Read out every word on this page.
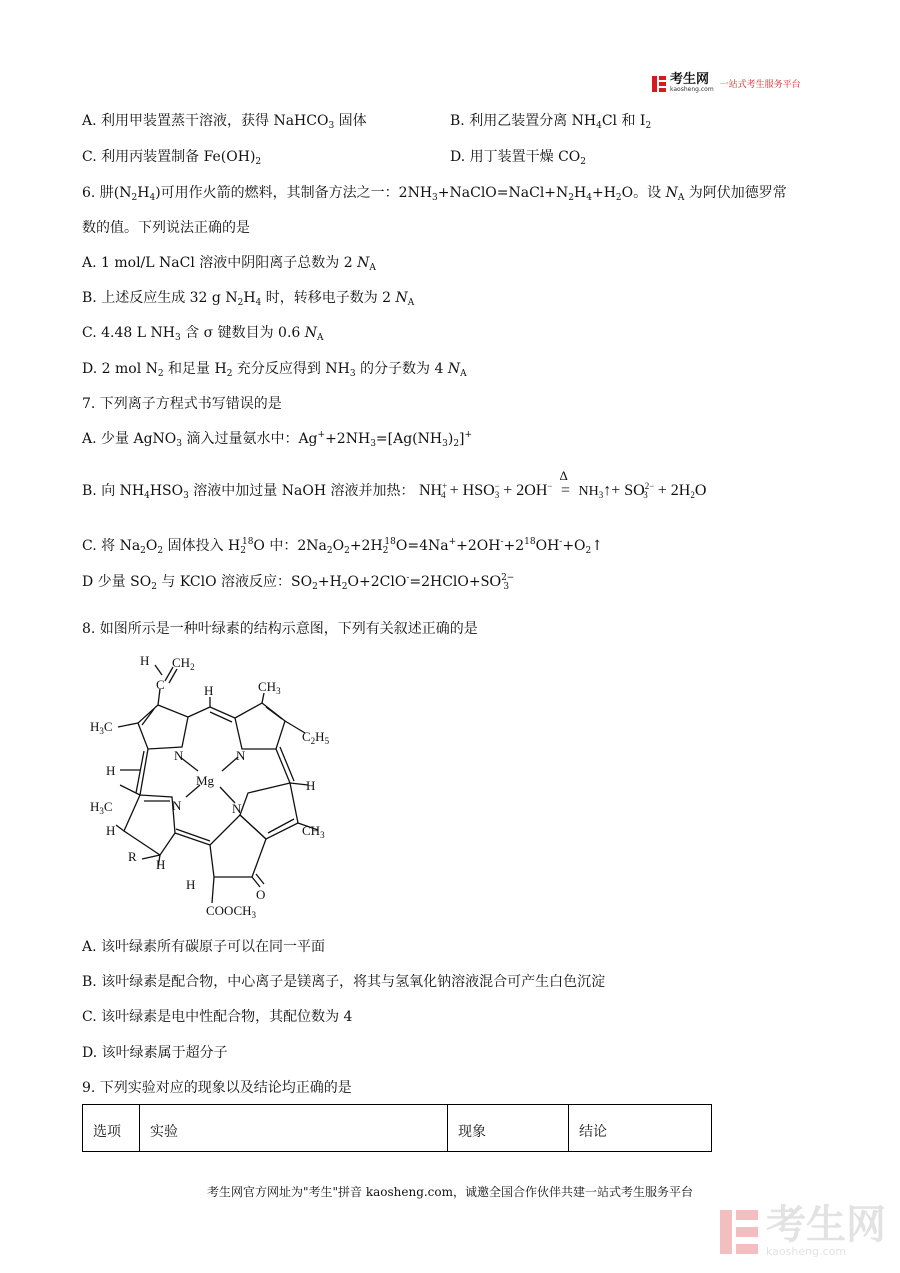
考生网
kaosheng.com 一站式考生服务平台
A. 利用甲装置蒸干溶液，获得 NaHCO$_3$ 固体	B. 利用乙装置分离 $NH_4Cl$ 和 $I_2$
C. 利用丙装置制备 $Fe(OH)_2$	D. 用丁装置干燥 $CO_2$
6. 肼$(N_2H_4)$可用作火箭的燃料，其制备方法之一：$2NH_3+NaClO=NaCl+N_2H_4+H_2O$。设 $N_A$ 为阿伏加德罗常
数的值。下列说法正确的是
A. 1 mol/L NaCl 溶液中阴阳离子总数为 2 $N_A$
B. 上述反应生成 32 g $N_2H_4$ 时，转移电子数为 2 $N_A$
C. 4.48 L $NH_3$ 含 σ 键数目为 0.6 $N_A$
D. 2 mol $N_2$ 和足量 $H_2$ 充分反应得到 $NH_3$ 的分子数为 4 $N_A$
7. 下列离子方程式书写错误的是
A. 少量 AgNO$_3$ 滴入过量氨水中：$Ag^++2NH_3=[Ag(NH_3)_2]^+$
B. 向 $NH_4HSO_3$ 溶液中加过量 NaOH 溶液并加热： $NH^+_4 + HSO^-_3 + 2OH^-$
Δ
= $NH_3↑+ SO^{2-}_3 + 2H_2O$
C. 将 $Na_2O_2$ 固体投入 $H_2^{18}O$ 中：$2Na_2O_2+2H_2^{18}O=4Na^++2OH^-+2^{18}OH^-+O_2↑$
D 少量 $SO_2$ 与 KClO 溶液反应：$SO_2+H_2O+2ClO^-=2HClO+SO^{2-}_3$
8. 如图所示是一种叶绿素的结构示意图，下列有关叙述正确的是
H $CH_2$
C	H	$CH_3$
$H_3C$
$C_2H_5$
N	N
Mg
H
H
N	N
$H_3C$
H	$CH_3$
R
H
H
O
$COOCH_3$
A. 该叶绿素所有碳原子可以在同一平面
B. 该叶绿素是配合物，中心离子是镁离子，将其与氢氧化钠溶液混合可产生白色沉淀
C. 该叶绿素是电中性配合物，其配位数为 4
D. 该叶绿素属于超分子
9. 下列实验对应的现象以及结论均正确的是
选项	实验	现象	结论
考生网官方网址为"考生"拼音 kaosheng.com，诚邀全国合作伙伴共建一站式考生服务平台
考生网
kaosheng.com
